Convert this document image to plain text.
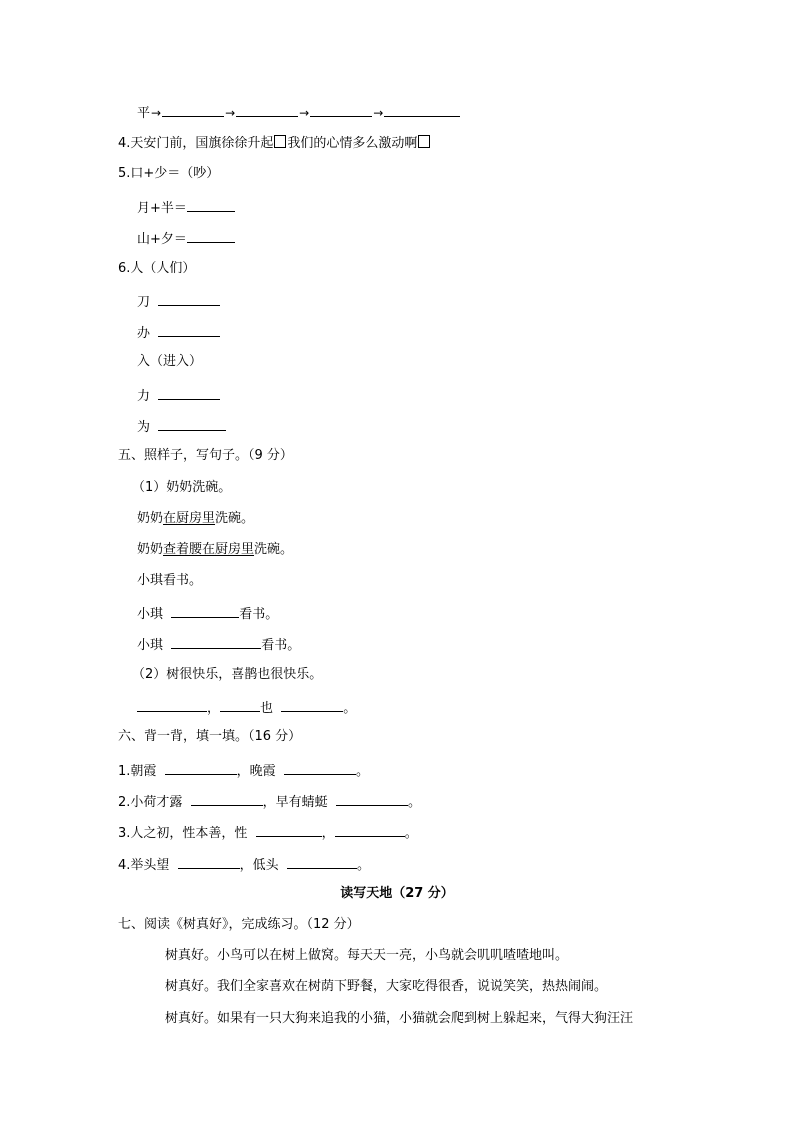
平→	→	→	→
4.天安门前，国旗徐徐升起 我们的心情多么激动啊
5.口+少＝（吵）
月+半＝
山+夕＝
6.人（人们）
刀
办
入（进入）
力
为
五、照样子，写句子。（9 分）
（1）奶奶洗碗。
奶奶在厨房里洗碗。
奶奶查着腰在厨房里洗碗。
小琪看书。
小琪	看书。
小琪	看书。
（2）树很快乐，喜鹊也很快乐。
，	也	。
六、背一背，填一填。（16 分）
1.朝霞	，晚霞	。
2.小荷才露	，早有蜻蜓	。
3.人之初，性本善，性	，	。
4.举头望	，低头	。
读写天地（27 分）
七、阅读《树真好》，完成练习。（12 分）
树真好。小鸟可以在树上做窝。每天天一亮，小鸟就会叽叽喳喳地叫。
树真好。我们全家喜欢在树荫下野餐，大家吃得很香，说说笑笑，热热闹闹。
树真好。如果有一只大狗来追我的小猫，小猫就会爬到树上躲起来，气得大狗汪汪
